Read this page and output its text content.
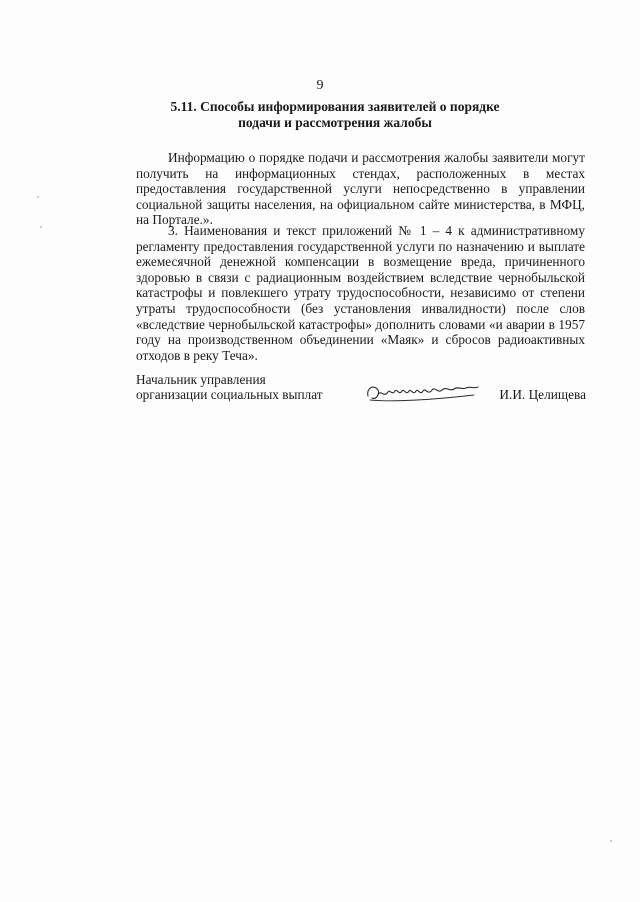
9
5.11. Способы информирования заявителей о порядке
подачи и рассмотрения жалобы

Информацию о порядке подачи и рассмотрения жалобы заявители могут получить на информационных стендах, расположенных в местах предоставления государственной услуги непосредственно в управлении социальной защиты населения, на официальном сайте министерства, в МФЦ, на Портале.».

3. Наименования и текст приложений № 1 – 4 к административному регламенту предоставления государственной услуги по назначению и выплате ежемесячной денежной компенсации в возмещение вреда, причиненного здоровью в связи с радиационным воздействием вследствие чернобыльской катастрофы и повлекшего утрату трудоспособности, независимо от степени утраты трудоспособности (без установления инвалидности) после слов «вследствие чернобыльской катастрофы» дополнить словами «и аварии в 1957 году на производственном объединении «Маяк» и сбросов радиоактивных отходов в реку Теча».

Начальник управления
организации социальных выплат	И.И. Целищева
